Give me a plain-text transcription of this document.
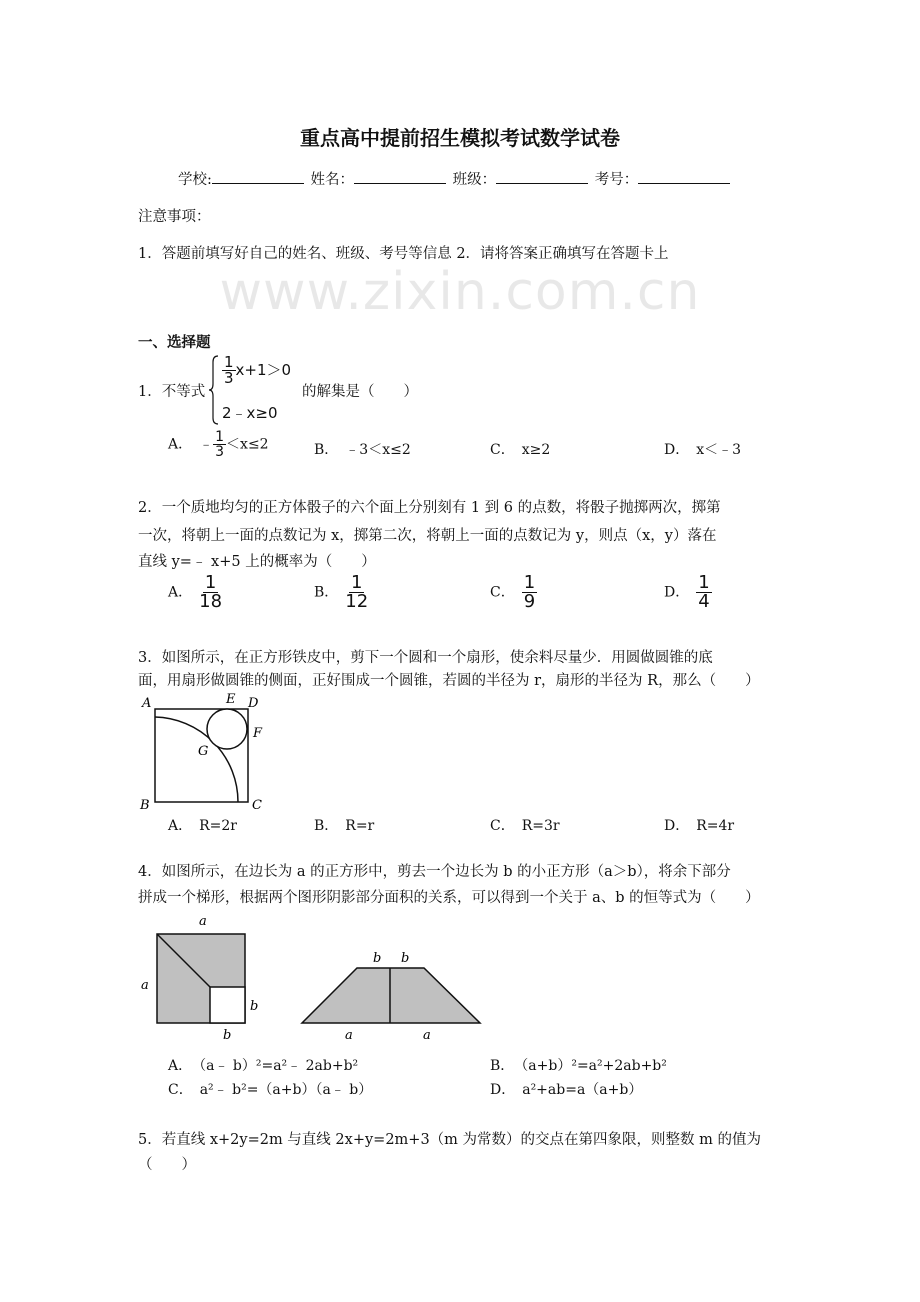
www.zixin.com.cn
重点高中提前招生模拟考试数学试卷
学校:	姓名：	班级：	考号：
注意事项：
1．答题前填写好自己的姓名、班级、考号等信息 2．请将答案正确填写在答题卡上
一、选择题
1．不等式
$\frac{1}{3} x+1>0$
2﹣x≥0
的解集是（　　）
A．　 ﹣ $\frac{1}{3} <x\le 2$	B．　﹣3＜x≤2	C．　x≥2	D．　x＜﹣3
2．一个质地均匀的正方体骰子的六个面上分别刻有 1 到 6 的点数，将骰子抛掷两次，掷第
一次，将朝上一面的点数记为 x，掷第二次，将朝上一面的点数记为 y，则点（x，y）落在
直线 y=﹣ x+5 上的概率为（　　）
A．　 $\frac{1}{18}$	B．　 $\frac{1}{12}$	C．　 $\frac{1}{9}$	D．　 $\frac{1}{4}$
3．如图所示，在正方形铁皮中，剪下一个圆和一个扇形，使余料尽量少．用圆做圆锥的底
面，用扇形做圆锥的侧面，正好围成一个圆锥，若圆的半径为 r，扇形的半径为 R，那么（　　）
A
B	C
D
E
F
G
A．　R=2r	B．　R=r	C．　R=3r	D．　R=4r
4．如图所示，在边长为 a 的正方形中，剪去一个边长为 b 的小正方形（a＞b），将余下部分
拼成一个梯形，根据两个图形阴影部分面积的关系，可以得到一个关于 a、b 的恒等式为（　　）
a
a
b
b
b b
a	a
A．　（a﹣ b）²=a²﹣ 2ab+b²	B．　（a+b）²=a²+2ab+b²
C．　a²﹣ b²=（a+b）（a﹣ b）	D．　a²+ab=a（a+b）
5．若直线 x+2y=2m 与直线 2x+y=2m+3（m 为常数）的交点在第四象限，则整数 m 的值为
（　　）
